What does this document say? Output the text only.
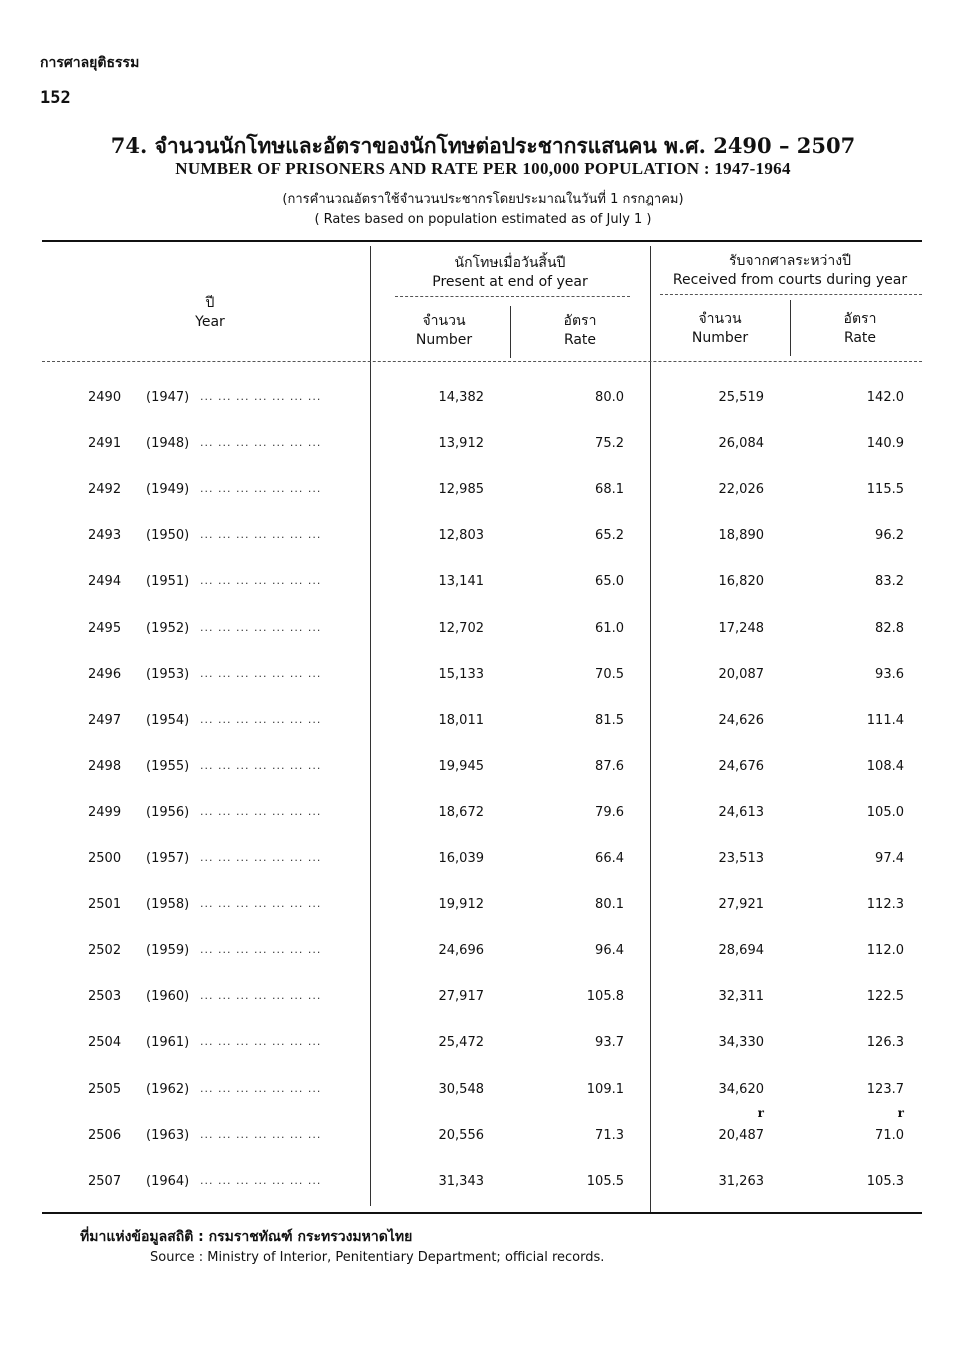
การศาลยุติธรรม
152
74. จำนวนนักโทษและอัตราของนักโทษต่อประชากรแสนคน พ.ศ. 2490 – 2507
NUMBER OF PRISONERS AND RATE PER 100,000 POPULATION : 1947-1964
(การคำนวณอัตราใช้จำนวนประชากรโดยประมาณในวันที่ 1 กรกฎาคม)
( Rates based on population estimated as of July 1 )
ปี
Year
นักโทษเมื่อวันสิ้นปี
Present at end of year
รับจากศาลระหว่างปี
Received from courts during year
จำนวน
Number
อัตรา
Rate
จำนวน
Number
อัตรา
Rate
2490	(1947) ... ... ... ... ... ... ...	14,382	80.0	25,519	142.0
2491	(1948) ... ... ... ... ... ... ...	13,912	75.2	26,084	140.9
2492	(1949) ... ... ... ... ... ... ...	12,985	68.1	22,026	115.5
2493	(1950) ... ... ... ... ... ... ...	12,803	65.2	18,890	96.2
2494	(1951) ... ... ... ... ... ... ...	13,141	65.0	16,820	83.2
2495	(1952) ... ... ... ... ... ... ...	12,702	61.0	17,248	82.8
2496	(1953) ... ... ... ... ... ... ...	15,133	70.5	20,087	93.6
2497	(1954) ... ... ... ... ... ... ...	18,011	81.5	24,626	111.4
2498	(1955) ... ... ... ... ... ... ...	19,945	87.6	24,676	108.4
2499	(1956) ... ... ... ... ... ... ...	18,672	79.6	24,613	105.0
2500	(1957) ... ... ... ... ... ... ...	16,039	66.4	23,513	97.4
2501	(1958) ... ... ... ... ... ... ...	19,912	80.1	27,921	112.3
2502	(1959) ... ... ... ... ... ... ...	24,696	96.4	28,694	112.0
2503	(1960) ... ... ... ... ... ... ...	27,917	105.8	32,311	122.5
2504	(1961) ... ... ... ... ... ... ...	25,472	93.7	34,330	126.3
2505	(1962) ... ... ... ... ... ... ...	30,548	109.1	34,620	123.7
2506	(1963) ... ... ... ... ... ... ...	20,556	71.3	20,487	71.0
r	r
2507	(1964) ... ... ... ... ... ... ...	31,343	105.5	31,263	105.3
ที่มาแห่งข้อมูลสถิติ : กรมราชทัณฑ์ กระทรวงมหาดไทย
Source : Ministry of Interior, Penitentiary Department; official records.
